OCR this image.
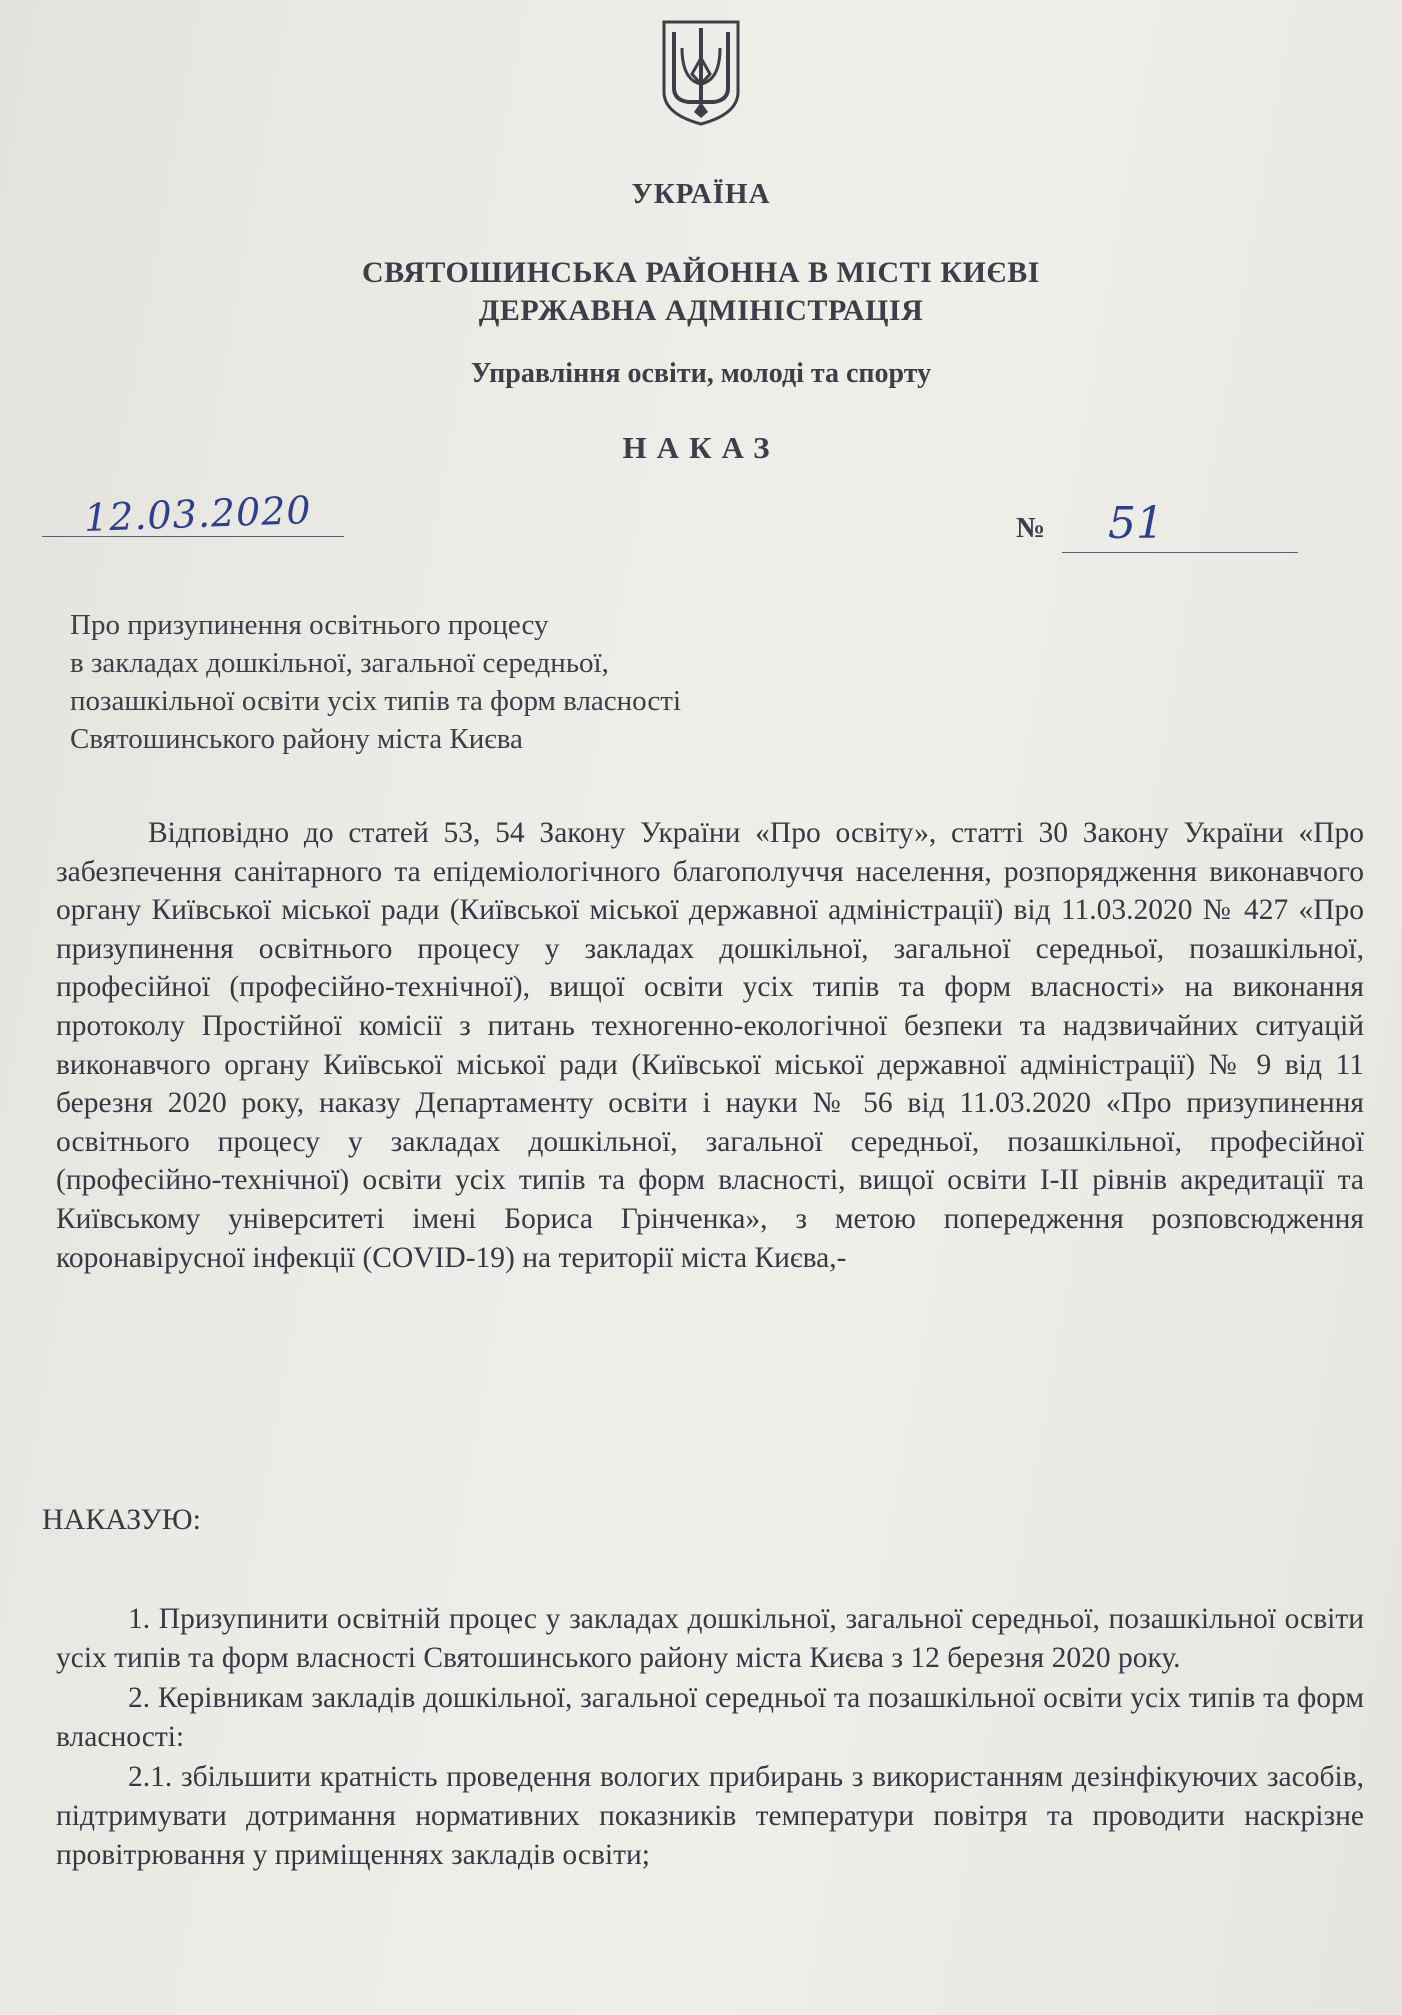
УКРАЇНА
СВЯТОШИНСЬКА РАЙОННА В МІСТІ КИЄВІ
ДЕРЖАВНА АДМІНІСТРАЦІЯ
Управління освіти, молоді та спорту
НАКАЗ
12.03.2020	№ 51
Про призупинення освітнього процесу
в закладах дошкільної, загальної середньої,
позашкільної освіти усіх типів та форм власності
Святошинського району міста Києва
Відповідно до статей 53, 54 Закону України «Про освіту», статті 30 Закону України «Про забезпечення санітарного та епідеміологічного благополуччя населення, розпорядження виконавчого органу Київської міської ради (Київської міської державної адміністрації) від 11.03.2020 № 427 «Про призупинення освітнього процесу у закладах дошкільної, загальної середньої, позашкільної, професійної (професійно-технічної), вищої освіти усіх типів та форм власності» на виконання протоколу Простійної комісії з питань техногенно-екологічної безпеки та надзвичайних ситуацій виконавчого органу Київської міської ради (Київської міської державної адміністрації) № 9 від 11 березня 2020 року, наказу Департаменту освіти і науки № 56 від 11.03.2020 «Про призупинення освітнього процесу у закладах дошкільної, загальної середньої, позашкільної, професійної (професійно-технічної) освіти усіх типів та форм власності, вищої освіти І-ІІ рівнів акредитації та Київському університеті імені Бориса Грінченка», з метою попередження розповсюдження коронавірусної інфекції (COVID-19) на території міста Києва,-
НАКАЗУЮ:

1. Призупинити освітній процес у закладах дошкільної, загальної середньої, позашкільної освіти усіх типів та форм власності Святошинського району міста Києва з 12 березня 2020 року.

2. Керівникам закладів дошкільної, загальної середньої та позашкільної освіти усіх типів та форм власності:

2.1. збільшити кратність проведення вологих прибирань з використанням дезінфікуючих засобів, підтримувати дотримання нормативних показників температури повітря та проводити наскрізне провітрювання у приміщеннях закладів освіти;
